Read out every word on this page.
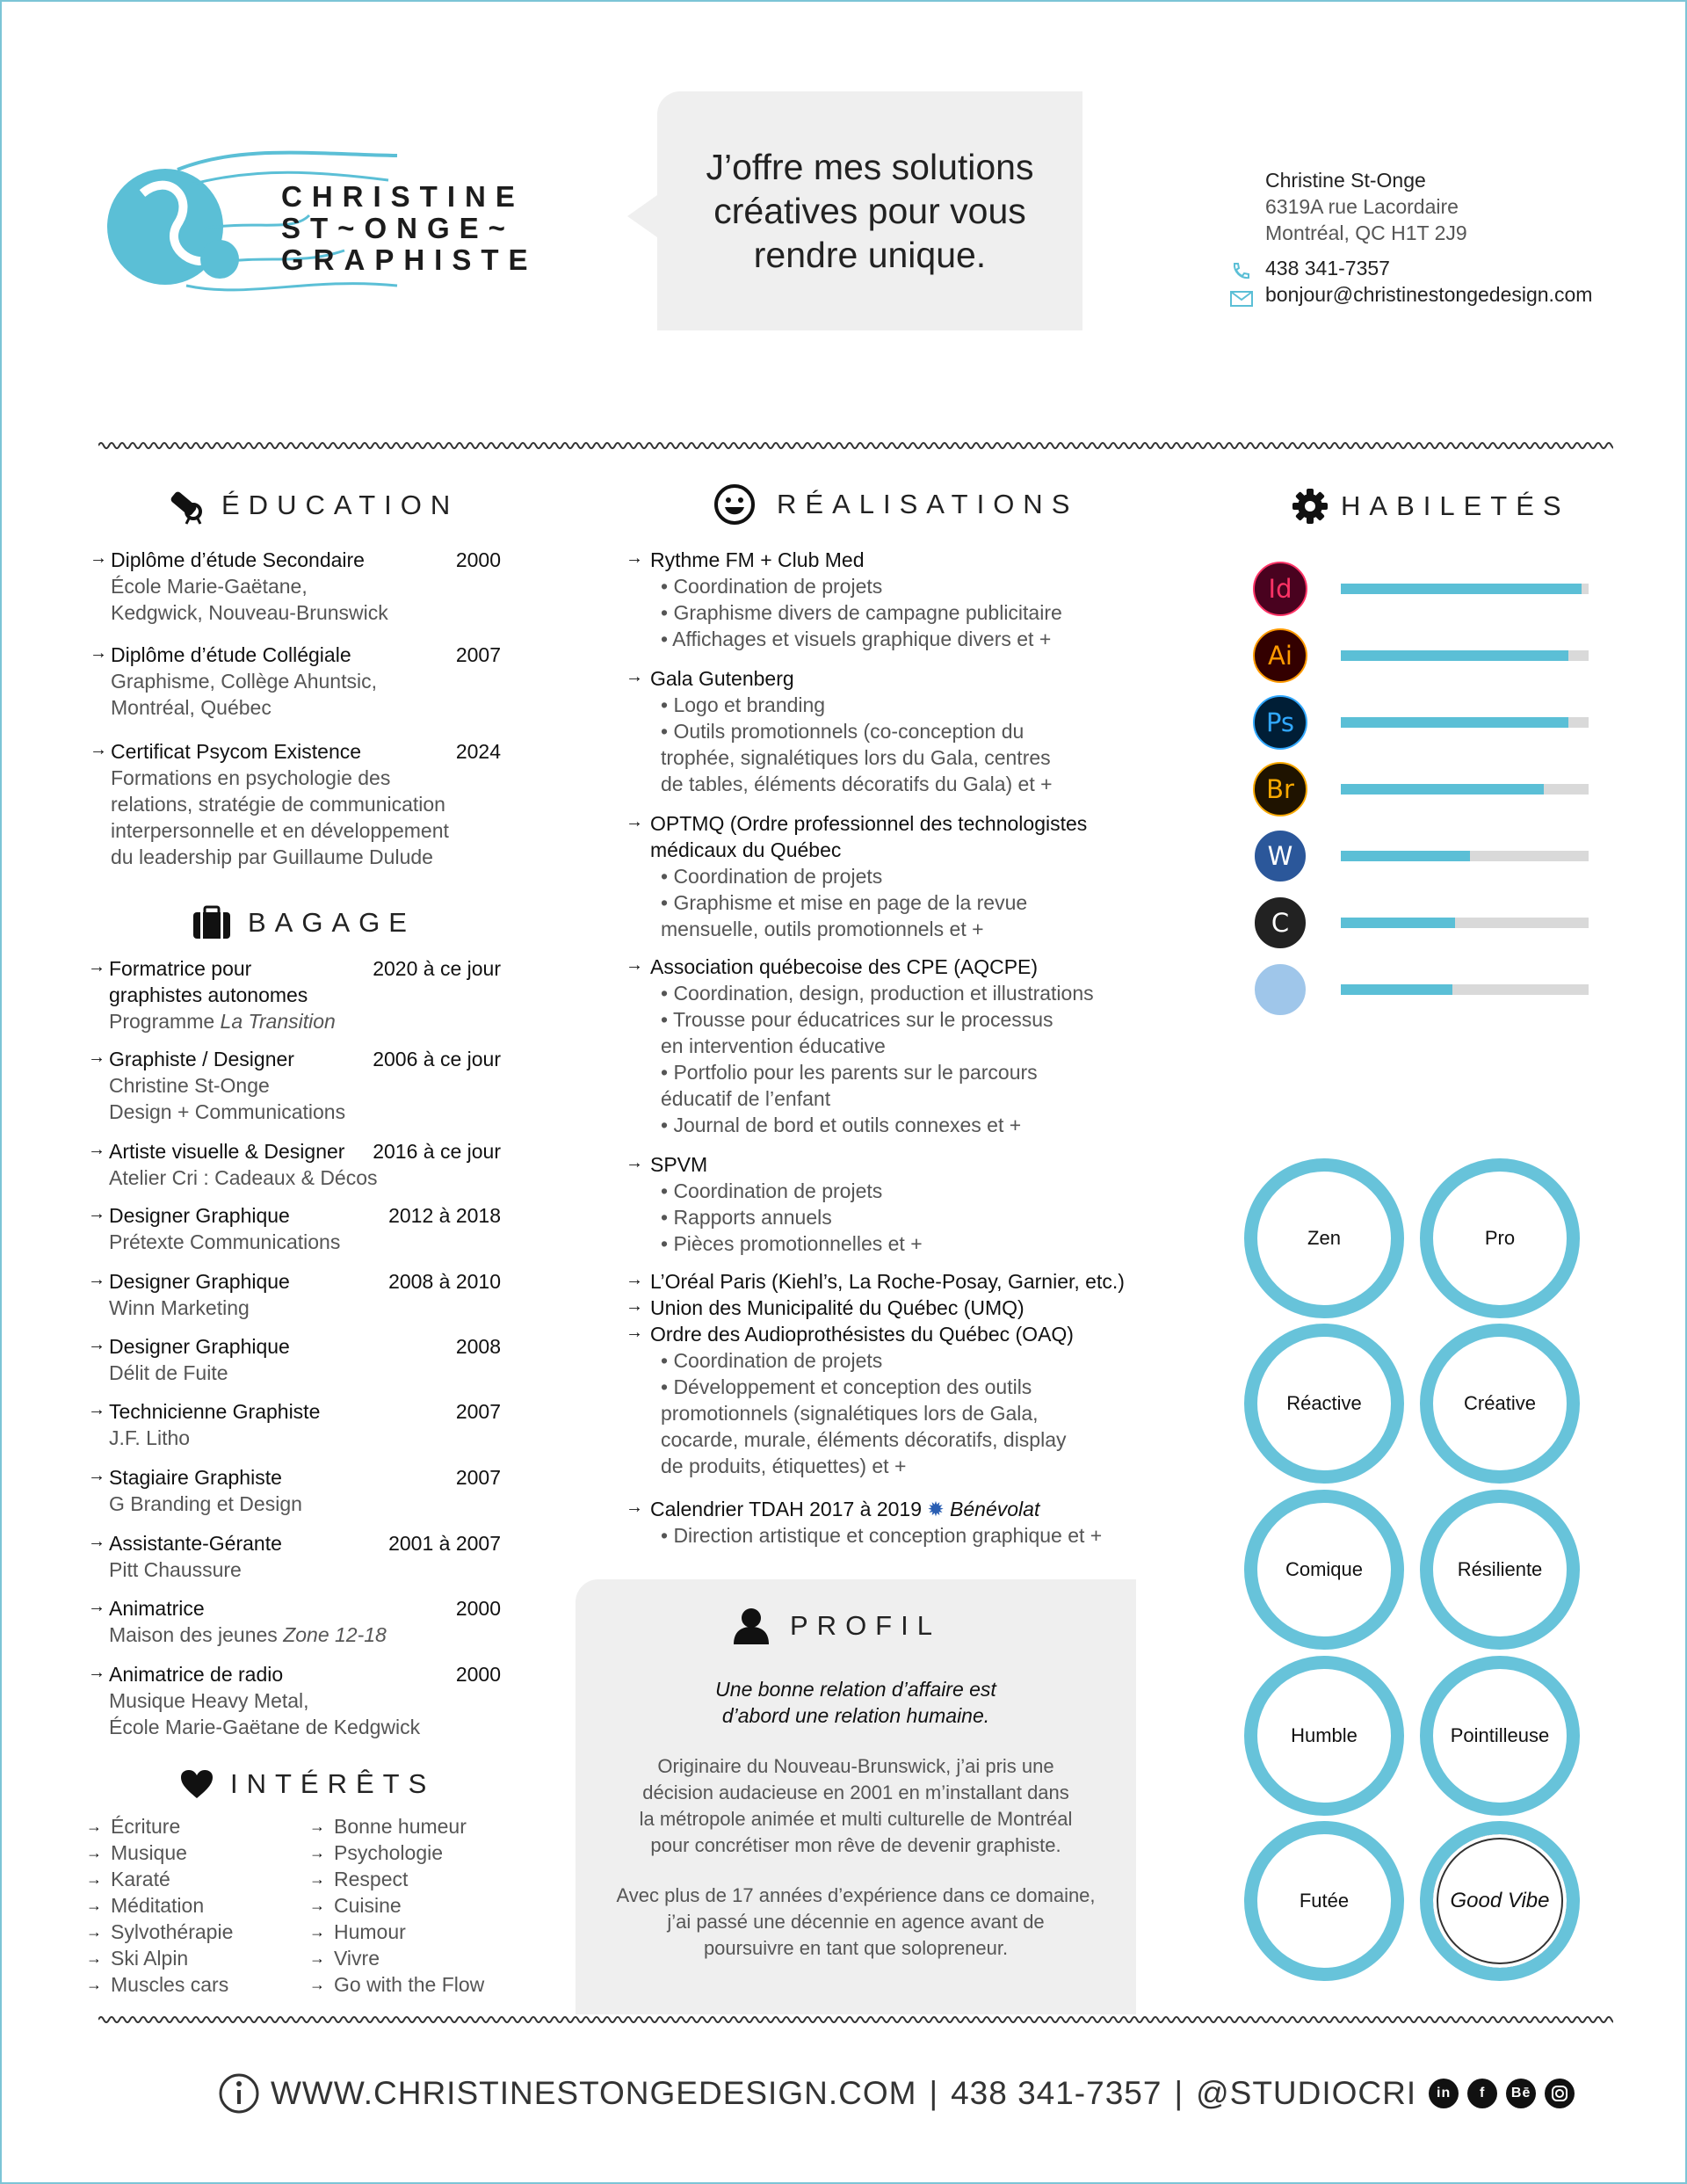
CHRISTINE
ST~ONGE~
GRAPHISTE
J’offre mes solutions
créatives pour vous
rendre unique.
Christine St-Onge
6319A rue Lacordaire
Montréal, QC H1T 2J9
438 341-7357
bonjour@christinestongedesign.com
ÉDUCATION
→ Diplôme d’étude Secondaire	2000
École Marie-Gaëtane,
Kedgwick, Nouveau-Brunswick
→ Diplôme d’étude Collégiale	2007
Graphisme, Collège Ahuntsic,
Montréal, Québec
→ Certificat Psycom Existence	2024
Formations en psychologie des
relations, stratégie de communication
interpersonnelle et en développement
du leadership par Guillaume Dulude
BAGAGE
→ Formatrice pour
graphistes autonomes
2020 à ce jour
Programme La Transition
→ Graphiste / Designer	2006 à ce jour
Christine St-Onge
Design + Communications
→ Artiste visuelle & Designer 2016 à ce jour
Atelier Cri : Cadeaux & Décos
→ Designer Graphique	2012 à 2018
Prétexte Communications
→ Designer Graphique	2008 à 2010
Winn Marketing
→ Designer Graphique	2008
Délit de Fuite
→ Technicienne Graphiste	2007
J.F. Litho
→ Stagiaire Graphiste	2007
G Branding et Design
→ Assistante-Gérante	2001 à 2007
Pitt Chaussure
→ Animatrice	2000
Maison des jeunes Zone 12-18
→ Animatrice de radio	2000
Musique Heavy Metal,
École Marie-Gaëtane de Kedgwick
INTÉRÊTS
→ Écriture
→ Musique
→ Karaté
→ Méditation
→ Sylvothérapie
→ Ski Alpin
→ Muscles cars
→ Bonne humeur
→ Psychologie
→ Respect
→ Cuisine
→ Humour
→ Vivre
→ Go with the Flow
RÉALISATIONS
→ Rythme FM + Club Med
• Coordination de projets
• Graphisme divers de campagne publicitaire
• Affichages et visuels graphique divers et +
→ Gala Gutenberg
• Logo et branding
• Outils promotionnels (co-conception du
trophée, signalétiques lors du Gala, centres
de tables, éléments décoratifs du Gala) et +
→ OPTMQ (Ordre professionnel des technologistes
médicaux du Québec
• Coordination de projets
• Graphisme et mise en page de la revue
mensuelle, outils promotionnels et +
→ Association québecoise des CPE (AQCPE)
• Coordination, design, production et illustrations
• Trousse pour éducatrices sur le processus
en intervention éducative
• Portfolio pour les parents sur le parcours
éducatif de l’enfant
• Journal de bord et outils connexes et +
→ SPVM
• Coordination de projets
• Rapports annuels
• Pièces promotionnelles et +
→ L’Oréal Paris (Kiehl’s, La Roche-Posay, Garnier, etc.)
→ Union des Municipalité du Québec (UMQ)
→ Ordre des Audioprothésistes du Québec (OAQ)
• Coordination de projets
• Développement et conception des outils
promotionnels (signalétiques lors de Gala,
cocarde, murale, éléments décoratifs, display
de produits, étiquettes) et +
→ Calendrier TDAH 2017 à 2019 ✹ Bénévolat
• Direction artistique et conception graphique et +
PROFIL
Une bonne relation d’affaire est
d’abord une relation humaine.
Originaire du Nouveau-Brunswick, j’ai pris une
décision audacieuse en 2001 en m’installant dans
la métropole animée et multi culturelle de Montréal
pour concrétiser mon rêve de devenir graphiste.
Avec plus de 17 années d’expérience dans ce domaine,
j’ai passé une décennie en agence avant de
poursuivre en tant que solopreneur.
HABILETÉS
Id
Ai
Ps
Br
W
C
Zen	Pro
Réactive	Créative
Comique	Résiliente
Humble	Pointilleuse
Futée	Good Vibe
WWW.CHRISTINESTONGEDESIGN.COM | 438 341-7357 | @STUDIOCRI	in	f	Bē
